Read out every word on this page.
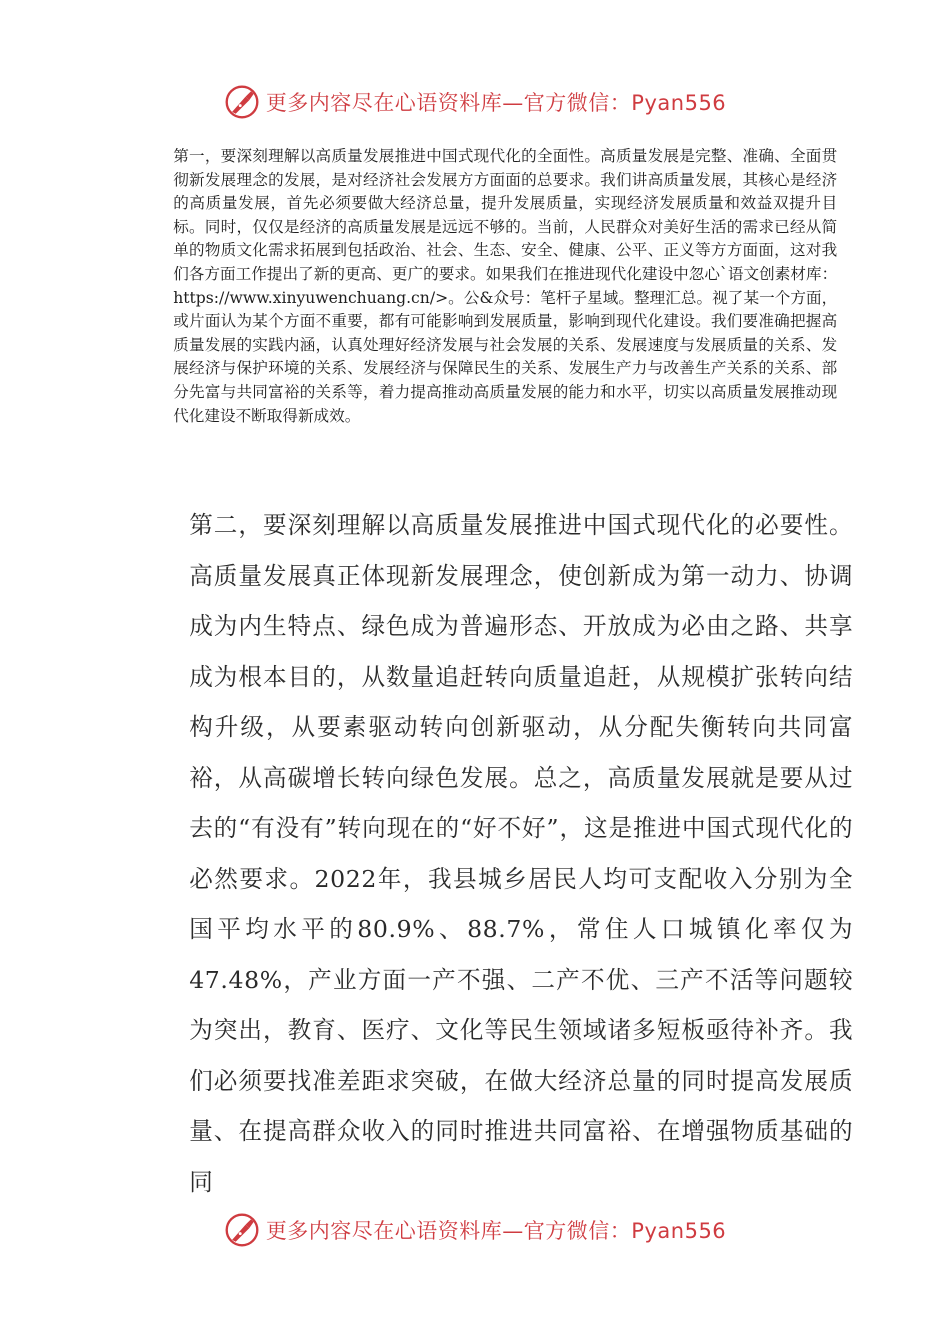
更多内容尽在心语资料库—官方微信：Pyan556

第一，要深刻理解以高质量发展推进中国式现代化的全面性。高质量发展是完整、准确、全面贯彻新发展理念的发展，是对经济社会发展方方面面的总要求。我们讲高质量发展，其核心是经济的高质量发展，首先必须要做大经济总量，提升发展质量，实现经济发展质量和效益双提升目标。同时，仅仅是经济的高质量发展是远远不够的。当前，人民群众对美好生活的需求已经从简单的物质文化需求拓展到包括政治、社会、生态、安全、健康、公平、正义等方方面面，这对我们各方面工作提出了新的更高、更广的要求。如果我们在推进现代化建设中忽心`语文创素材库：https://www.xinyuwenchuang.cn/>。公&众号：笔杆子星域。整理汇总。视了某一个方面，或片面认为某个方面不重要，都有可能影响到发展质量，影响到现代化建设。我们要准确把握高质量发展的实践内涵，认真处理好经济发展与社会发展的关系、发展速度与发展质量的关系、发展经济与保护环境的关系、发展经济与保障民生的关系、发展生产力与改善生产关系的关系、部分先富与共同富裕的关系等，着力提高推动高质量发展的能力和水平，切实以高质量发展推动现代化建设不断取得新成效。

第二，要深刻理解以高质量发展推进中国式现代化的必要性。高质量发展真正体现新发展理念，使创新成为第一动力、协调成为内生特点、绿色成为普遍形态、开放成为必由之路、共享成为根本目的，从数量追赶转向质量追赶，从规模扩张转向结构升级，从要素驱动转向创新驱动，从分配失衡转向共同富裕，从高碳增长转向绿色发展。总之，高质量发展就是要从过去的“有没有”转向现在的“好不好”，这是推进中国式现代化的必然要求。2022年，我县城乡居民人均可支配收入分别为全国平均水平的80.9%、88.7%，常住人口城镇化率仅为47.48%，产业方面一产不强、二产不优、三产不活等问题较为突出，教育、医疗、文化等民生领域诸多短板亟待补齐。我们必须要找准差距求突破，在做大经济总量的同时提高发展质量、在提高群众收入的同时推进共同富裕、在增强物质基础的同

更多内容尽在心语资料库—官方微信：Pyan556
